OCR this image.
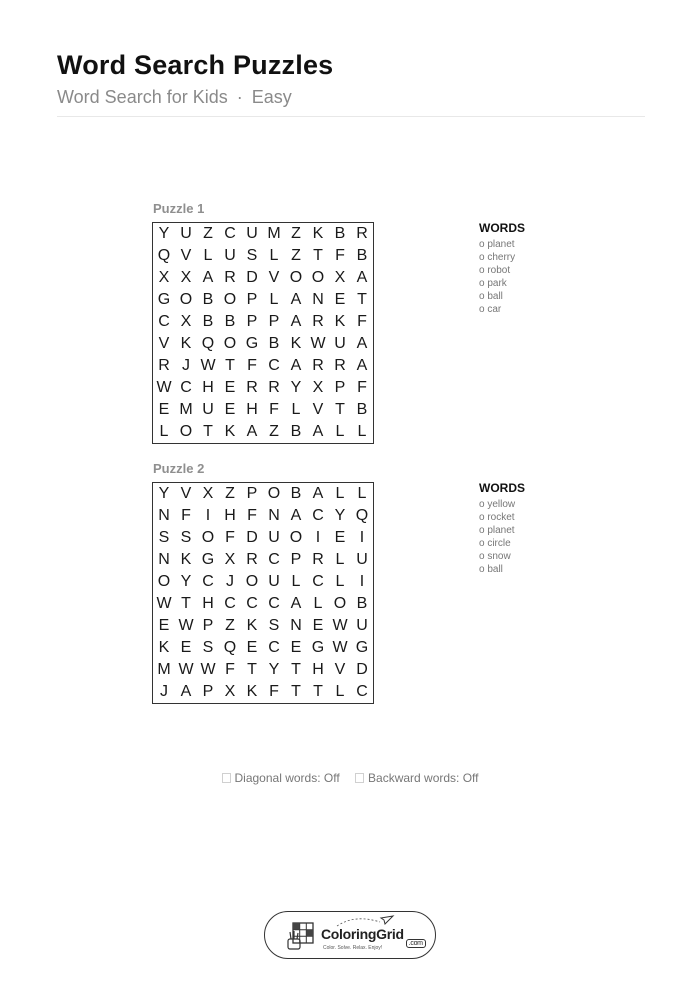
Word Search Puzzles
Word Search for Kids · Easy
Puzzle 1
Y U Z C U M Z K B R
Q V L U S L Z T F B
X X A R D V O O X A
G O B O P L A N E T
C X B B P P A R K F
V K Q O G B K W U A
R J W T F C A R R A
W C H E R R Y X P F
E M U E H F L V T B
L O T K A Z B A L L
WORDS
o planet
o cherry
o robot
o park
o ball
o car
Puzzle 2
Y V X Z P O B A L L
N F I H F N A C Y Q
S S O F D U O I E I
N K G X R C P R L U
O Y C J O U L C L I
W T H C C C A L O B
E W P Z K S N E W U
K E S Q E C E G W G
M W W F T Y T H V D
J A P X K F T T L C
WORDS
o yellow
o rocket
o planet
o circle
o snow
o ball
Diagonal words: Off
Backward words: Off
ColoringGrid$_{.com}$
Color. Solve. Relax. Enjoy!
